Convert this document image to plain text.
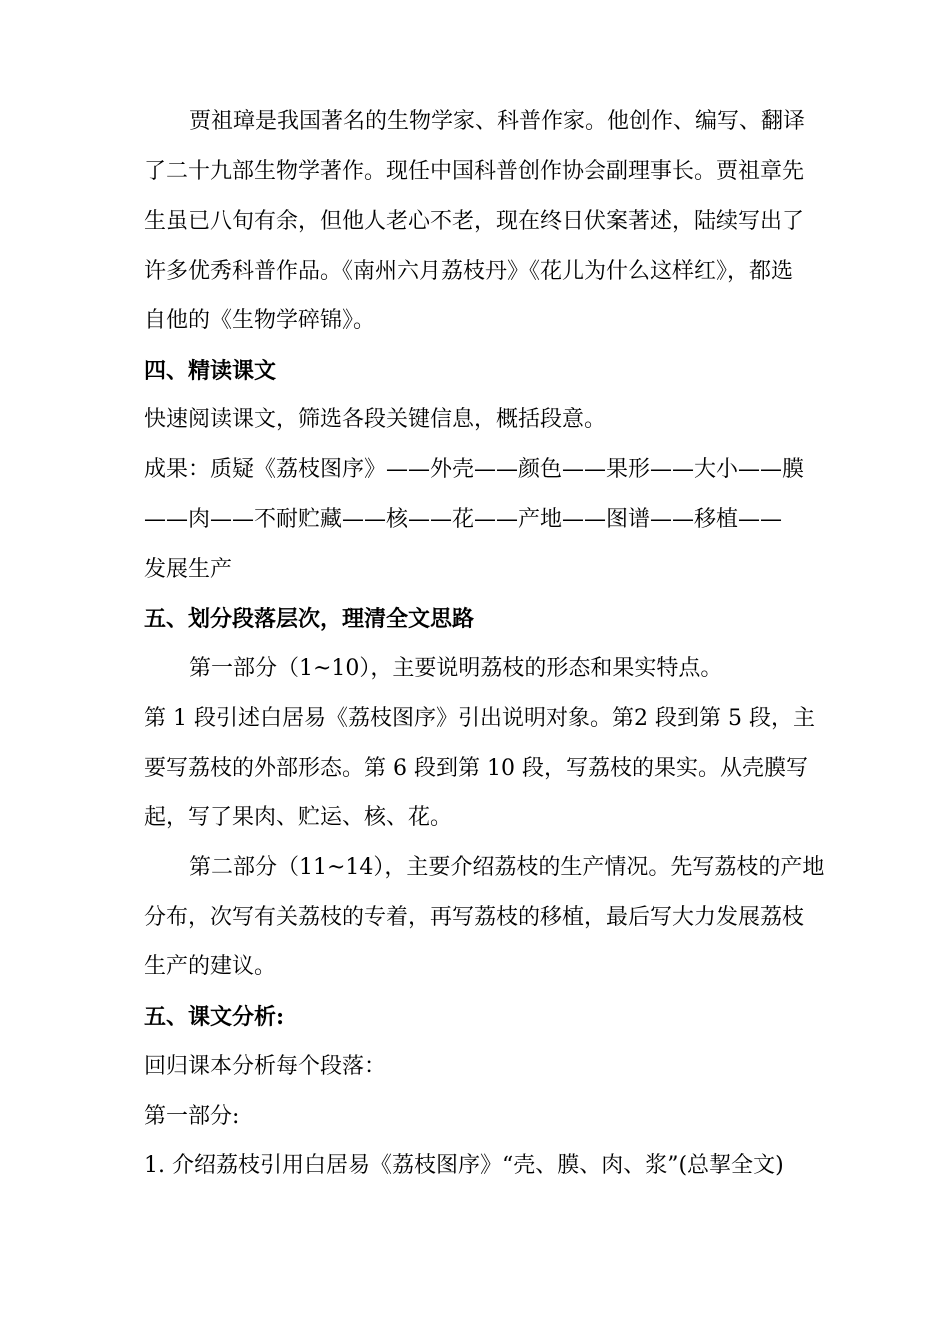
贾祖璋是我国著名的生物学家、科普作家。他创作、编写、翻译
了二十九部生物学著作。现任中国科普创作协会副理事长。贾祖章先
生虽已八旬有余，但他人老心不老，现在终日伏案著述，陆续写出了
许多优秀科普作品。《南州六月荔枝丹》《花儿为什么这样红》，都选
自他的《生物学碎锦》。
四、精读课文
快速阅读课文，筛选各段关键信息，概括段意。
成果：质疑《荔枝图序》——外壳——颜色——果形——大小——膜
——肉——不耐贮藏——核——花——产地——图谱——移植——
发展生产
五、划分段落层次，理清全文思路
第一部分（1~10），主要说明荔枝的形态和果实特点。
第 1 段引述白居易《荔枝图序》引出说明对象。第2 段到第 5 段，主
要写荔枝的外部形态。第 6 段到第 10 段，写荔枝的果实。从壳膜写
起，写了果肉、贮运、核、花。
第二部分（11~14），主要介绍荔枝的生产情况。先写荔枝的产地
分布，次写有关荔枝的专着，再写荔枝的移植，最后写大力发展荔枝
生产的建议。
五、课文分析:
回归课本分析每个段落：
第一部分:
1. 介绍荔枝引用白居易《荔枝图序》“壳、膜、肉、浆”(总挈全文)
